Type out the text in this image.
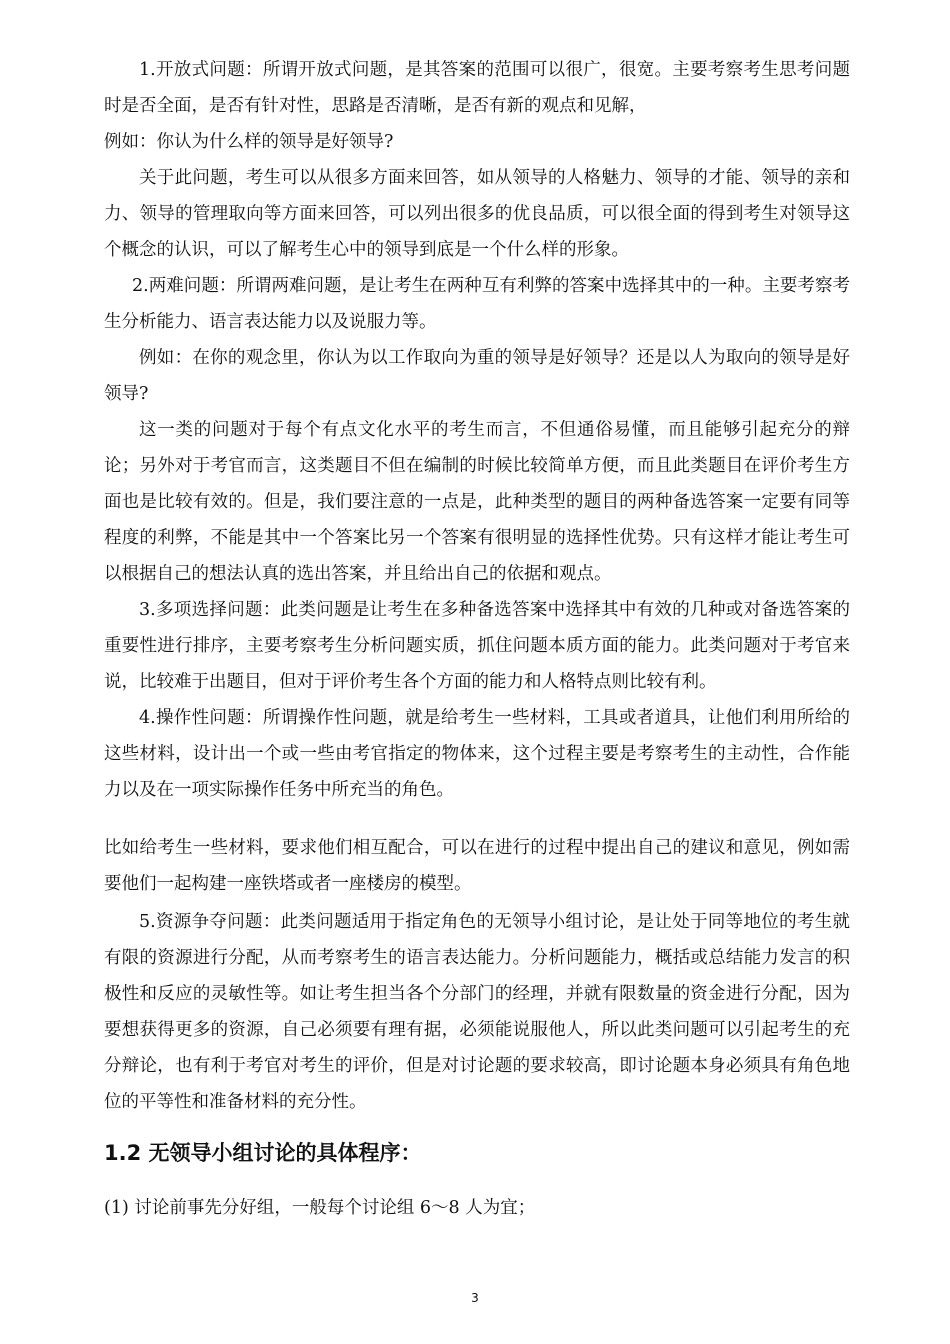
1.开放式问题：所谓开放式问题，是其答案的范围可以很广，很宽。主要考察考生思考问题时是否全面，是否有针对性，思路是否清晰，是否有新的观点和见解，

例如：你认为什么样的领导是好领导?

关于此问题，考生可以从很多方面来回答，如从领导的人格魅力、领导的才能、领导的亲和力、领导的管理取向等方面来回答，可以列出很多的优良品质，可以很全面的得到考生对领导这个概念的认识，可以了解考生心中的领导到底是一个什么样的形象。

2.两难问题：所谓两难问题，是让考生在两种互有利弊的答案中选择其中的一种。主要考察考生分析能力、语言表达能力以及说服力等。

例如：在你的观念里，你认为以工作取向为重的领导是好领导？还是以人为取向的领导是好领导?

这一类的问题对于每个有点文化水平的考生而言，不但通俗易懂，而且能够引起充分的辩论；另外对于考官而言，这类题目不但在编制的时候比较简单方便，而且此类题目在评价考生方面也是比较有效的。但是，我们要注意的一点是，此种类型的题目的两种备选答案一定要有同等程度的利弊，不能是其中一个答案比另一个答案有很明显的选择性优势。只有这样才能让考生可以根据自己的想法认真的选出答案，并且给出自己的依据和观点。

3.多项选择问题：此类问题是让考生在多种备选答案中选择其中有效的几种或对备选答案的重要性进行排序，主要考察考生分析问题实质，抓住问题本质方面的能力。此类问题对于考官来说，比较难于出题目，但对于评价考生各个方面的能力和人格特点则比较有利。

4.操作性问题：所谓操作性问题，就是给考生一些材料，工具或者道具，让他们利用所给的这些材料，设计出一个或一些由考官指定的物体来，这个过程主要是考察考生的主动性，合作能力以及在一项实际操作任务中所充当的角色。

比如给考生一些材料，要求他们相互配合，可以在进行的过程中提出自己的建议和意见，例如需要他们一起构建一座铁塔或者一座楼房的模型。

5.资源争夺问题：此类问题适用于指定角色的无领导小组讨论，是让处于同等地位的考生就有限的资源进行分配，从而考察考生的语言表达能力。分析问题能力，概括或总结能力发言的积极性和反应的灵敏性等。如让考生担当各个分部门的经理，并就有限数量的资金进行分配，因为要想获得更多的资源，自己必须要有理有据，必须能说服他人，所以此类问题可以引起考生的充分辩论，也有利于考官对考生的评价，但是对讨论题的要求较高，即讨论题本身必须具有角色地位的平等性和准备材料的充分性。

1.2 无领导小组讨论的具体程序：

(1) 讨论前事先分好组，一般每个讨论组 6～8 人为宜；

3
